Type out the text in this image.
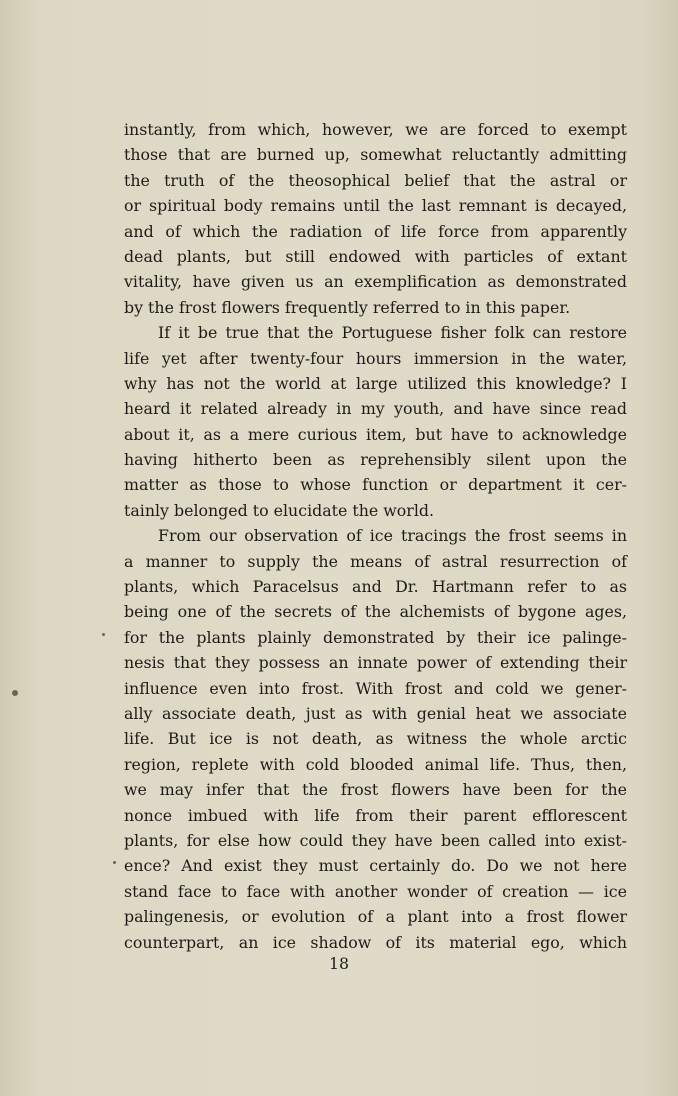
instantly, from which, however, we are forced to exempt
those that are burned up, somewhat reluctantly admitting
the truth of the theosophical belief that the astral or
or spiritual body remains until the last remnant is decayed,
and of which the radiation of life force from apparently
dead plants, but still endowed with particles of extant
vitality, have given us an exemplification as demonstrated
by the frost flowers frequently referred to in this paper.

If it be true that the Portuguese fisher folk can restore
life yet after twenty-four hours immersion in the water,
why has not the world at large utilized this knowledge? I
heard it related already in my youth, and have since read
about it, as a mere curious item, but have to acknowledge
having hitherto been as reprehensibly silent upon the
matter as those to whose function or department it cer-
tainly belonged to elucidate the world.

From our observation of ice tracings the frost seems in
a manner to supply the means of astral resurrection of
plants, which Paracelsus and Dr. Hartmann refer to as
being one of the secrets of the alchemists of bygone ages,
for the plants plainly demonstrated by their ice palinge-
nesis that they possess an innate power of extending their
influence even into frost. With frost and cold we gener-
ally associate death, just as with genial heat we associate
life. But ice is not death, as witness the whole arctic
region, replete with cold blooded animal life. Thus, then,
we may infer that the frost flowers have been for the
nonce imbued with life from their parent efflorescent
plants, for else how could they have been called into exist-
ence? And exist they must certainly do. Do we not here
stand face to face with another wonder of creation — ice
palingenesis, or evolution of a plant into a frost flower
counterpart, an ice shadow of its material ego, which

18
